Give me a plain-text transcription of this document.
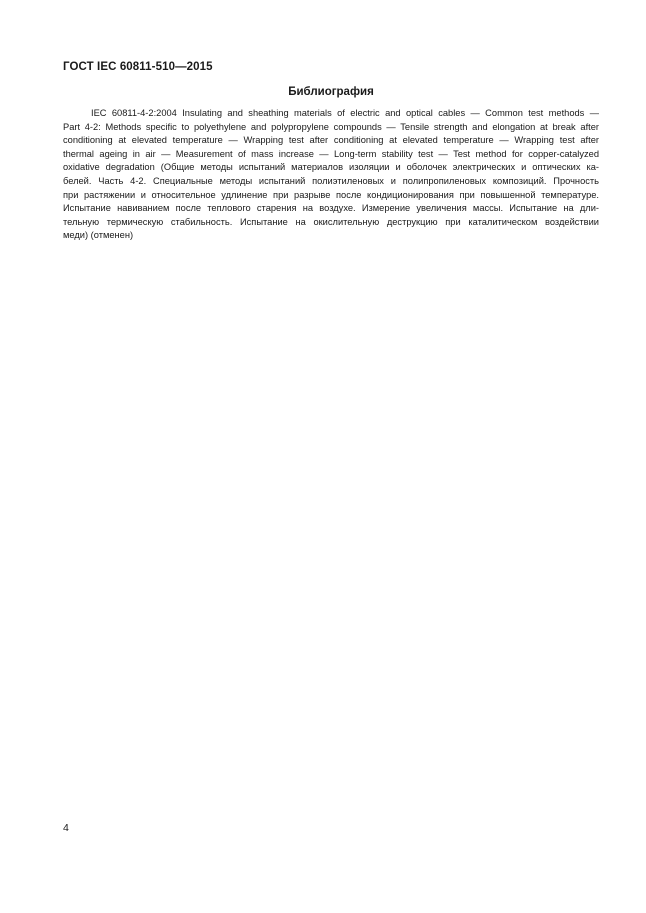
ГОСТ IEC 60811-510—2015
Библиография
IEC 60811-4-2:2004 Insulating and sheathing materials of electric and optical cables — Common test methods —
Part 4-2: Methods specific to polyethylene and polypropylene compounds — Tensile strength and elongation at break after
conditioning at elevated temperature — Wrapping test after conditioning at elevated temperature — Wrapping test after
thermal ageing in air — Measurement of mass increase — Long-term stability test — Test method for copper-catalyzed
oxidative degradation (Общие методы испытаний материалов изоляции и оболочек электрических и оптических ка-
белей. Часть 4-2. Специальные методы испытаний полиэтиленовых и полипропиленовых композиций. Прочность
при растяжении и относительное удлинение при разрыве после кондиционирования при повышенной температуре.
Испытание навиванием после теплового старения на воздухе. Измерение увеличения массы. Испытание на дли-
тельную термическую стабильность. Испытание на окислительную деструкцию при каталитическом воздействии
меди) (отменен)
4
